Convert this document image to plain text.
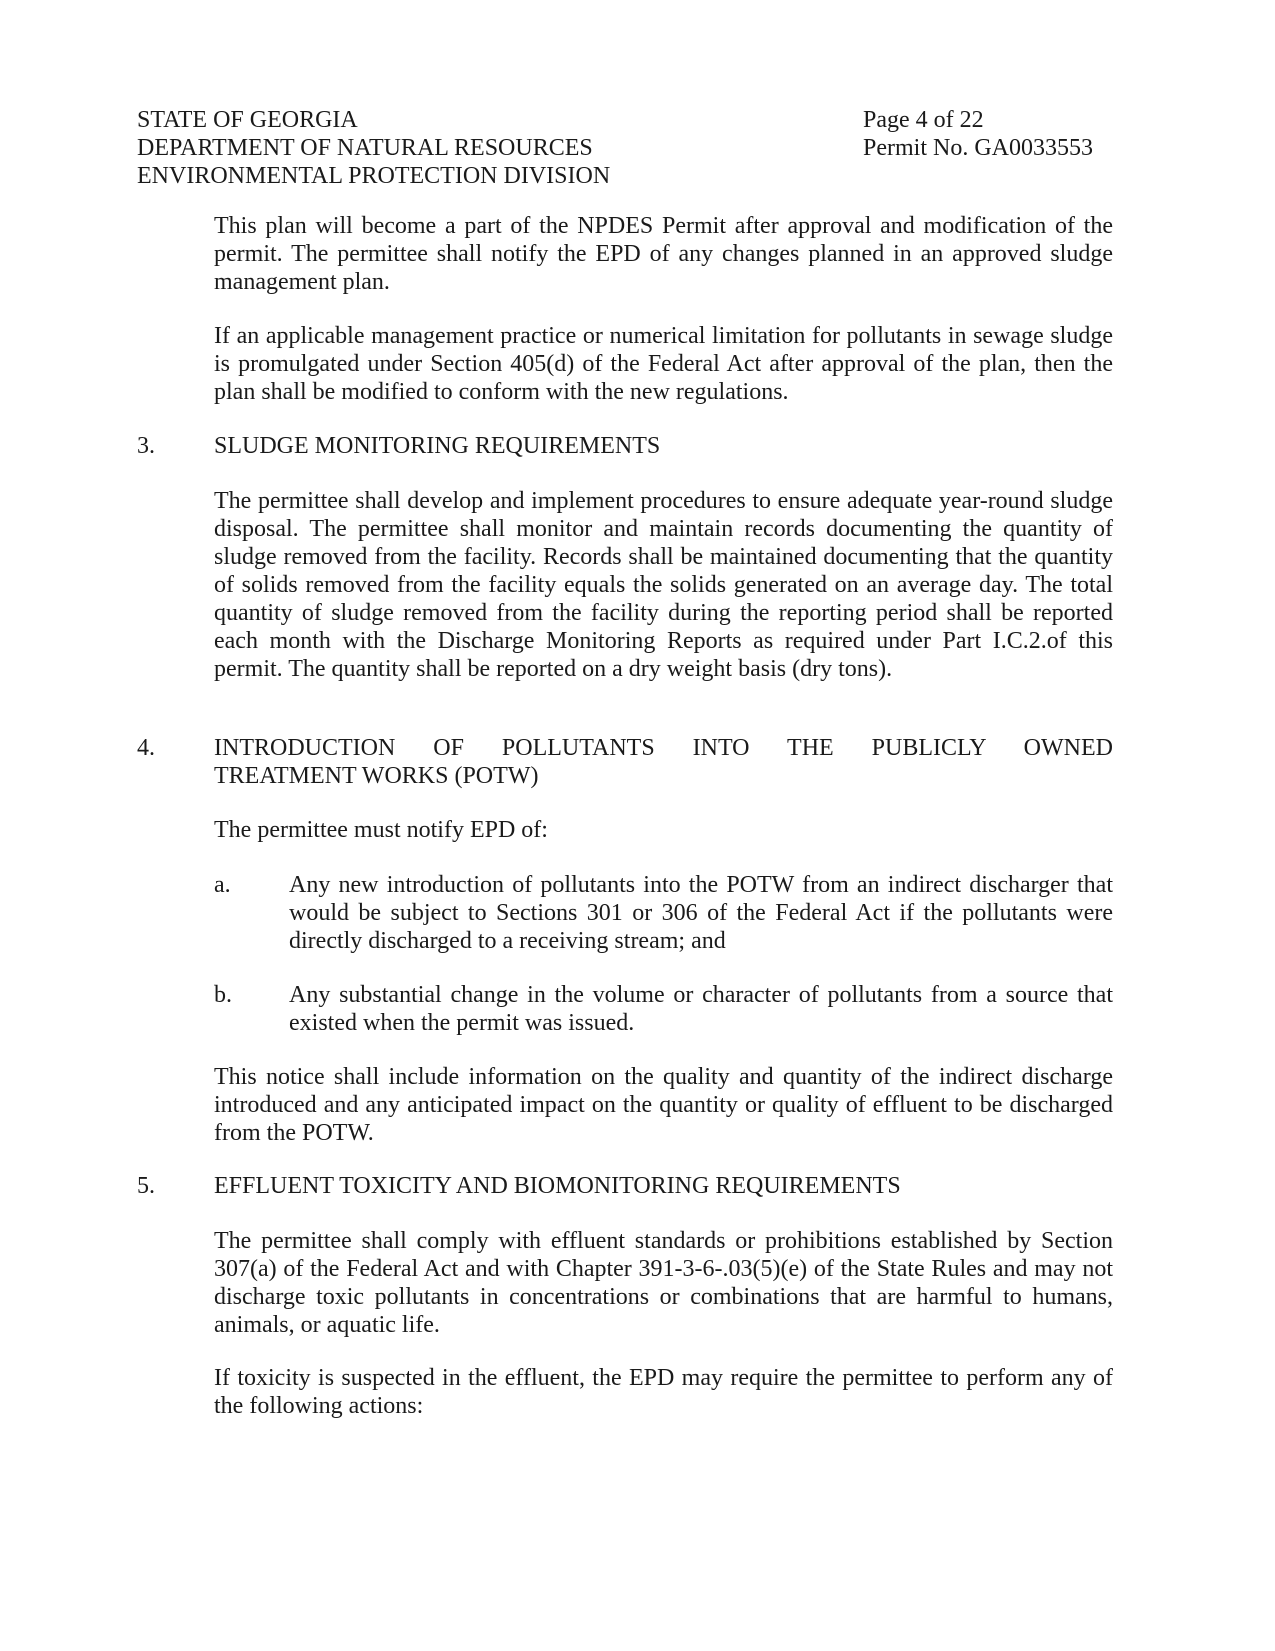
STATE OF GEORGIA
DEPARTMENT OF NATURAL RESOURCES
ENVIRONMENTAL PROTECTION DIVISION
Page 4 of 22
Permit No. GA0033553
This plan will become a part of the NPDES Permit after approval and modification of the permit. The permittee shall notify the EPD of any changes planned in an approved sludge management plan.
If an applicable management practice or numerical limitation for pollutants in sewage sludge is promulgated under Section 405(d) of the Federal Act after approval of the plan, then the plan shall be modified to conform with the new regulations.
3. SLUDGE MONITORING REQUIREMENTS
The permittee shall develop and implement procedures to ensure adequate year-round sludge disposal. The permittee shall monitor and maintain records documenting the quantity of sludge removed from the facility. Records shall be maintained documenting that the quantity of solids removed from the facility equals the solids generated on an average day. The total quantity of sludge removed from the facility during the reporting period shall be reported each month with the Discharge Monitoring Reports as required under Part I.C.2.of this permit. The quantity shall be reported on a dry weight basis (dry tons).
4. INTRODUCTION OF POLLUTANTS INTO THE PUBLICLY OWNED
TREATMENT WORKS (POTW)
The permittee must notify EPD of:
a. Any new introduction of pollutants into the POTW from an indirect discharger that would be subject to Sections 301 or 306 of the Federal Act if the pollutants were directly discharged to a receiving stream; and
b. Any substantial change in the volume or character of pollutants from a source that existed when the permit was issued.
This notice shall include information on the quality and quantity of the indirect discharge introduced and any anticipated impact on the quantity or quality of effluent to be discharged from the POTW.
5. EFFLUENT TOXICITY AND BIOMONITORING REQUIREMENTS
The permittee shall comply with effluent standards or prohibitions established by Section 307(a) of the Federal Act and with Chapter 391-3-6-.03(5)(e) of the State Rules and may not discharge toxic pollutants in concentrations or combinations that are harmful to humans, animals, or aquatic life.
If toxicity is suspected in the effluent, the EPD may require the permittee to perform any of the following actions:
